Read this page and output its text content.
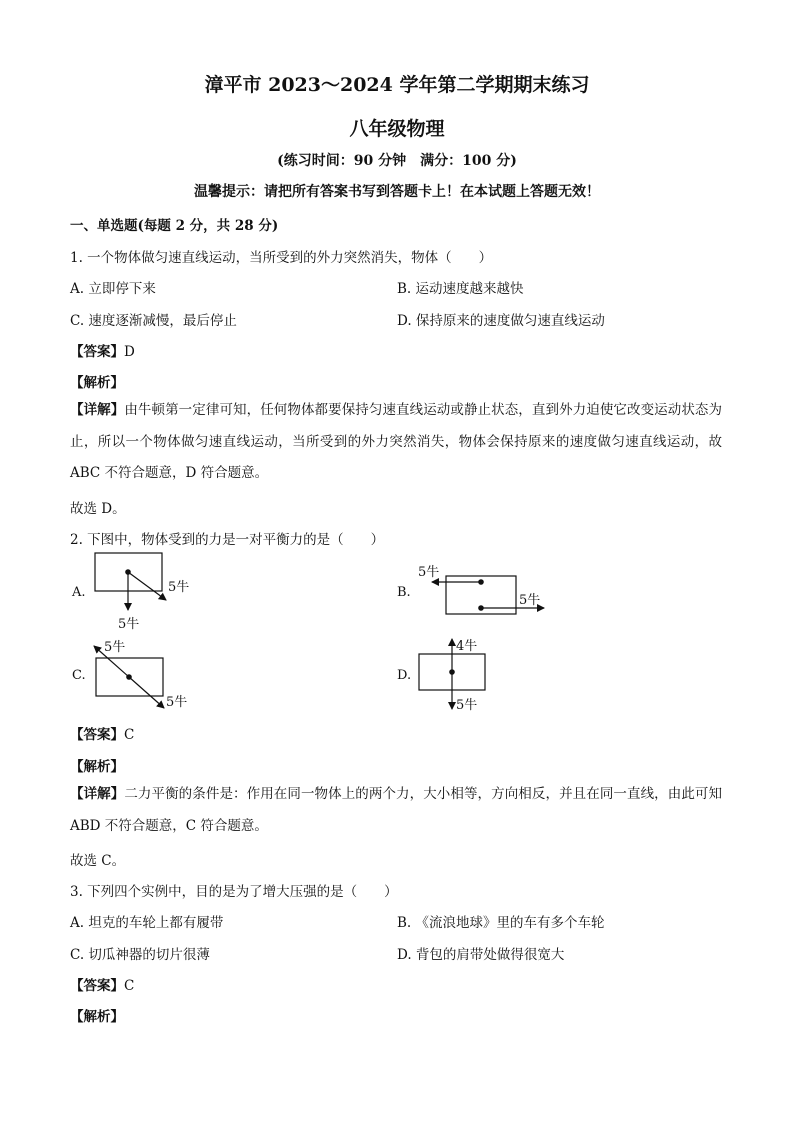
漳平市 2023～2024 学年第二学期期末练习
八年级物理
(练习时间：90 分钟　满分：100 分)
温馨提示：请把所有答案书写到答题卡上！在本试题上答题无效！
一、单选题(每题 2 分，共 28 分)
1. 一个物体做匀速直线运动，当所受到的外力突然消失，物体（　　）
A. 立即停下来	B. 运动速度越来越快
C. 速度逐渐减慢，最后停止	D. 保持原来的速度做匀速直线运动
【答案】D
【解析】
【详解】由牛顿第一定律可知，任何物体都要保持匀速直线运动或静止状态，直到外力迫使它改变运动状态为止，所以一个物体做匀速直线运动，当所受到的外力突然消失，物体会保持原来的速度做匀速直线运动，故 ABC 不符合题意，D 符合题意。
故选 D。
2. 下图中，物体受到的力是一对平衡力的是（　　）
A.	5牛
5牛
B.
5牛
5牛
C.
5牛
5牛
D.
4牛
5牛
【答案】C
【解析】
【详解】二力平衡的条件是：作用在同一物体上的两个力，大小相等，方向相反，并且在同一直线，由此可知 ABD 不符合题意，C 符合题意。
故选 C。
3. 下列四个实例中，目的是为了增大压强的是（　　）
A. 坦克的车轮上都有履带	B. 《流浪地球》里的车有多个车轮
C. 切瓜神器的切片很薄	D. 背包的肩带处做得很宽大
【答案】C
【解析】
